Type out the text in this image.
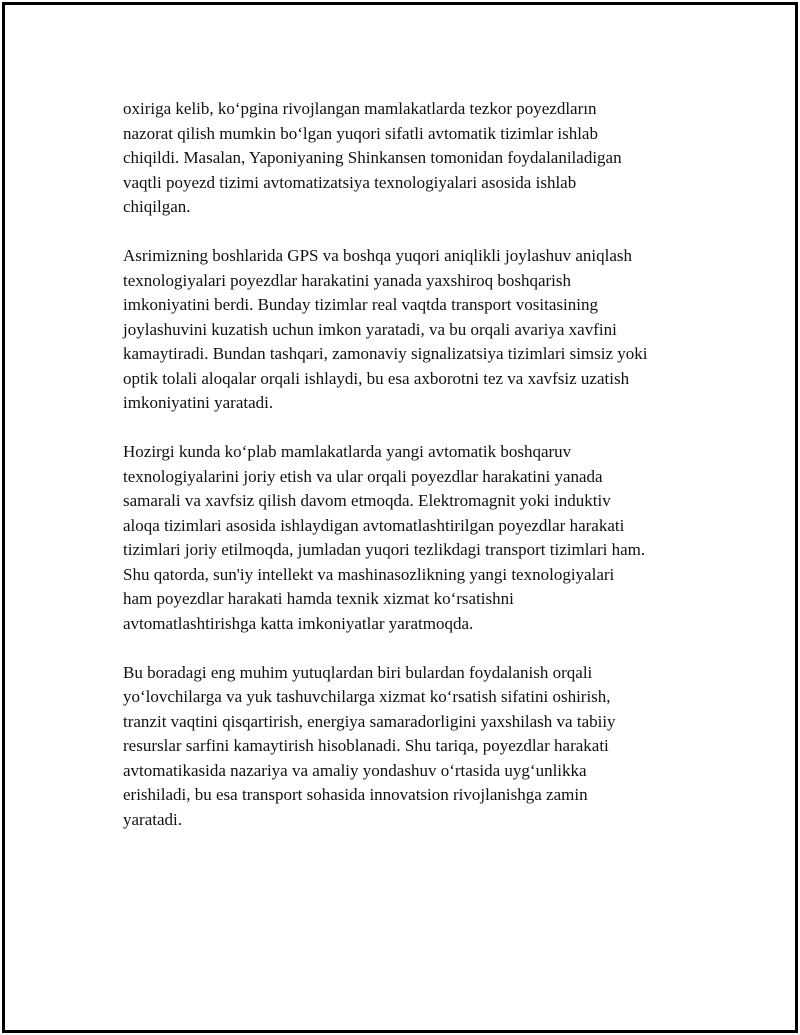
oxiriga kelib, ko‘pgina rivojlangan mamlakatlarda tezkor poyezdların
nazorat qilish mumkin bo‘lgan yuqori sifatli avtomatik tizimlar ishlab
chiqildi. Masalan, Yaponiyaning Shinkansen tomonidan foydalaniladigan
vaqtli poyezd tizimi avtomatizatsiya texnologiyalari asosida ishlab
chiqilgan.

Asrimizning boshlarida GPS va boshqa yuqori aniqlikli joylashuv aniqlash
texnologiyalari poyezdlar harakatini yanada yaxshiroq boshqarish
imkoniyatini berdi. Bunday tizimlar real vaqtda transport vositasining
joylashuvini kuzatish uchun imkon yaratadi, va bu orqali avariya xavfini
kamaytiradi. Bundan tashqari, zamonaviy signalizatsiya tizimlari simsiz yoki
optik tolali aloqalar orqali ishlaydi, bu esa axborotni tez va xavfsiz uzatish
imkoniyatini yaratadi.

Hozirgi kunda ko‘plab mamlakatlarda yangi avtomatik boshqaruv
texnologiyalarini joriy etish va ular orqali poyezdlar harakatini yanada
samarali va xavfsiz qilish davom etmoqda. Elektromagnit yoki induktiv
aloqa tizimlari asosida ishlaydigan avtomatlashtirilgan poyezdlar harakati
tizimlari joriy etilmoqda, jumladan yuqori tezlikdagi transport tizimlari ham.
Shu qatorda, sun'iy intellekt va mashinasozlikning yangi texnologiyalari
ham poyezdlar harakati hamda texnik xizmat ko‘rsatishni
avtomatlashtirishga katta imkoniyatlar yaratmoqda.

Bu boradagi eng muhim yutuqlardan biri bulardan foydalanish orqali
yo‘lovchilarga va yuk tashuvchilarga xizmat ko‘rsatish sifatini oshirish,
tranzit vaqtini qisqartirish, energiya samaradorligini yaxshilash va tabiiy
resurslar sarfini kamaytirish hisoblanadi. Shu tariqa, poyezdlar harakati
avtomatikasida nazariya va amaliy yondashuv o‘rtasida uyg‘unlikka
erishiladi, bu esa transport sohasida innovatsion rivojlanishga zamin
yaratadi.
